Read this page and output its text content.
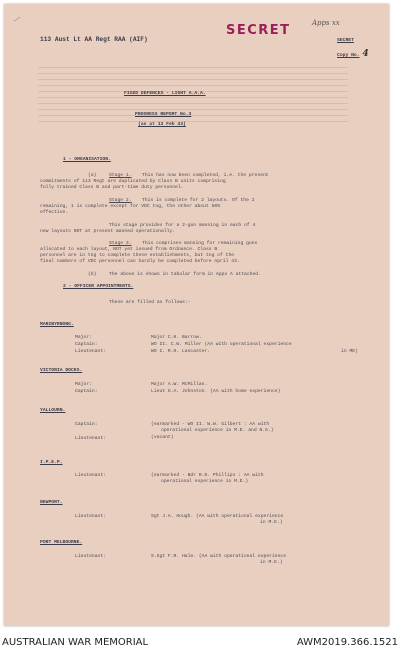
...
SECRET	Apps xx
113 Aust Lt AA Regt RAA (AIF)	SECRET
Copy No. 4
FIXED DEFENCES - LIGHT A.A.A.
PROGRESS REPORT No.3
(as at 13 Feb 43)
1 - ORGANISATION.
(a)	Stage 1. This has now been completed, i.e. the present
commitments of 113 Regt are duplicated by Class B units comprising
fully trained Class B and part-time duty personnel.
Stage 2. This is complete for 2 layouts. Of the 2
remaining, 1 is complete except for VDC tng, the other about 50%
effective.
This stage provides for a 2-gun manning in each of 4
new layouts NOT at present manned operationally.
Stage 3. This comprises manning for remaining guns
allocated to each layout, NOT yet issued from Ordnance. Class B
personnel are in tng to complete these establishments, but tng of the
final numbers of VDC personnel can hardly be completed before April 43.
(b)	The above is shown in tabular form in Appx A attached.
2 - OFFICER APPOINTMENTS.
These are filled as follows:-
MARIBYRNONG.
Major:	Major C.H. Barrow.
Captain:	WO II. C.W. Miller (AA with operational experience
in ME)
Lieutenant:	WO I. R.H. Lancaster.
VICTORIA DOCKS.
Major:	Major A.W. McMillan.
Captain:	Lieut G.A. Johnston. (AA with home experience)
YALLOURN.
Captain:	(earmarked - WO II. W.W. Gilbert : AA with
operational experience in M.E. and N.G.)
Lieutenant:	(vacant)
I.P.E.P.
Lieutenant:	(earmarked - Bdr R.D. Phillips : AA with
operational experience in M.E.)
NEWPORT.
Lieutenant:	Sgt J.A. Hough. (AA with operational experience
in M.E.)
PORT MELBOURNE.
Lieutenant:	S.Sgt F.R. Hale. (AA with operational experience
in M.E.)
AUSTRALIAN WAR MEMORIAL	AWM2019.366.1521
